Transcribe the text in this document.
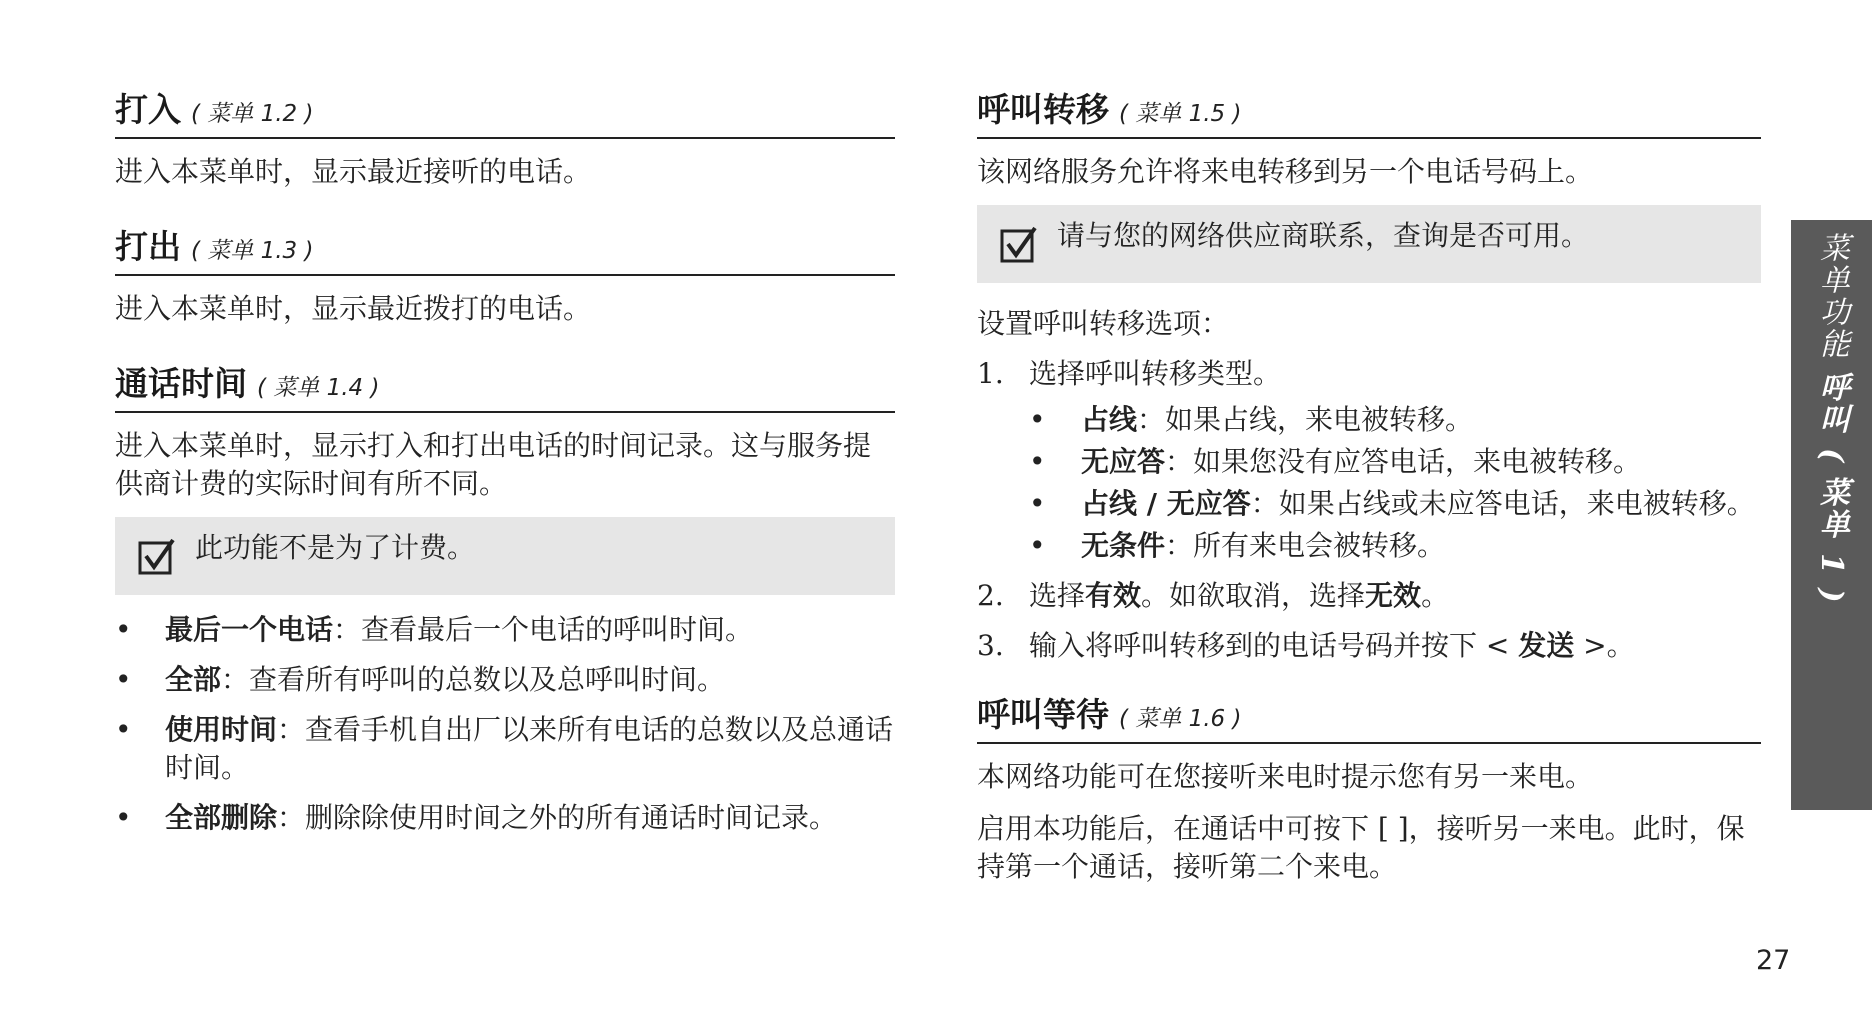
打入 ( 菜单 1.2 )

进入本菜单时，显示最近接听的电话。

打出 ( 菜单 1.3 )

进入本菜单时，显示最近拨打的电话。

通话时间 ( 菜单 1.4 )

进入本菜单时，显示打入和打出电话的时间记录。这与服务提供商计费的实际时间有所不同。

此功能不是为了计费。
• 最后一个电话：查看最后一个电话的呼叫时间。
• 全部：查看所有呼叫的总数以及总呼叫时间。
• 使用时间：查看手机自出厂以来所有电话的总数以及总通话时间。
• 全部删除：删除除使用时间之外的所有通话时间记录。
呼叫转移 ( 菜单 1.5 )

该网络服务允许将来电转移到另一个电话号码上。

请与您的网络供应商联系，查询是否可用。

设置呼叫转移选项：

1. 选择呼叫转移类型。
• 占线：如果占线，来电被转移。
• 无应答：如果您没有应答电话，来电被转移。
• 占线 / 无应答：如果占线或未应答电话，来电被转移。
• 无条件：所有来电会被转移。
2. 选择有效。如欲取消，选择无效。
3. 输入将呼叫转移到的电话号码并按下 < 发送 >。
呼叫等待 ( 菜单 1.6 )

本网络功能可在您接听来电时提示您有另一来电。

启用本功能后，在通话中可按下 [ ]，接听另一来电。此时，保持第一个通话，接听第二个来电。

菜单功能 呼叫 ( 菜单 1 )
27
